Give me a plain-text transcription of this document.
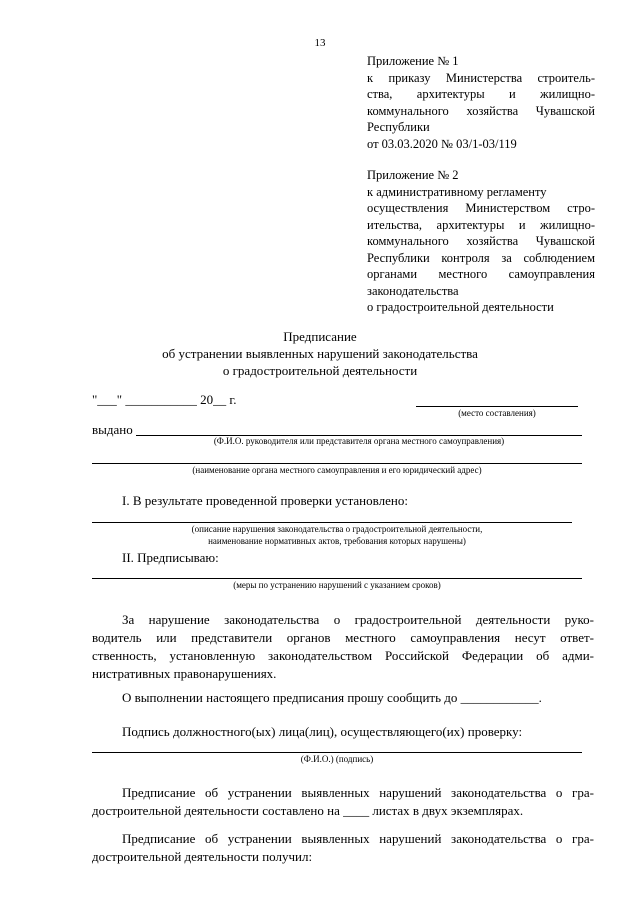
13
Приложение № 1
к приказу Министерства строитель-
ства, архитектуры и жилищно-
коммунального хозяйства Чувашской
Республики
от 03.03.2020 № 03/1-03/119
Приложение № 2
к административному регламенту
осуществления Министерством стро-
ительства, архитектуры и жилищно-
коммунального хозяйства Чувашской
Республики контроля за соблюдением
органами местного самоуправления
законодательства
о градостроительной деятельности
Предписание
об устранении выявленных нарушений законодательства
о градостроительной деятельности
"___" ___________ 20__ г.
(место составления)
выдано
(Ф.И.О. руководителя или представителя органа местного самоуправления)
(наименование органа местного самоуправления и его юридический адрес)
I. В результате проведенной проверки установлено:
(описание нарушения законодательства о градостроительной деятельности,
наименование нормативных актов, требования которых нарушены)
II. Предписываю:
(меры по устранению нарушений с указанием сроков)
За нарушение законодательства о градостроительной деятельности руко-
водитель или представители органов местного самоуправления несут ответ-
ственность, установленную законодательством Российской Федерации об адми-
нистративных правонарушениях.
О выполнении настоящего предписания прошу сообщить до ____________.
Подпись должностного(ых) лица(лиц), осуществляющего(их) проверку:
(Ф.И.О.) (подпись)
Предписание об устранении выявленных нарушений законодательства о гра-
достроительной деятельности составлено на ____ листах в двух экземплярах.
Предписание об устранении выявленных нарушений законодательства о гра-
достроительной деятельности получил:
